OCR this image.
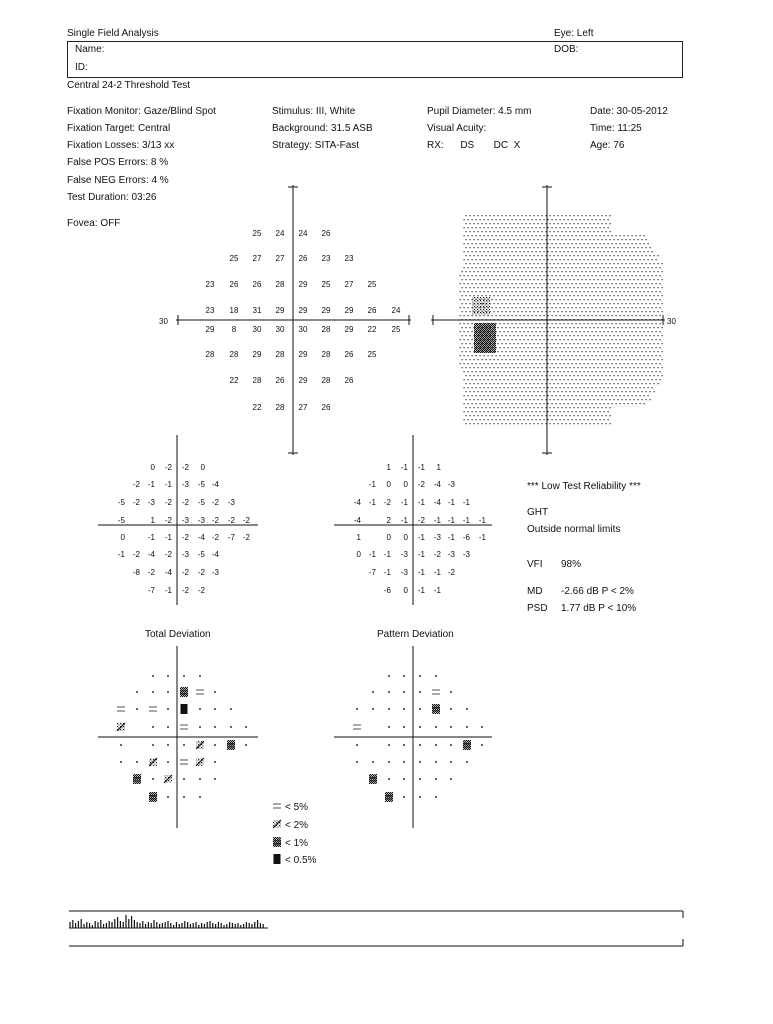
Single Field Analysis	Eye: Left
Name:	DOB:
ID:
Central 24-2 Threshold Test
Fixation Monitor: Gaze/Blind Spot
Fixation Target: Central
Fixation Losses: 3/13 xx
False POS Errors: 8 %
False NEG Errors: 4 %
Test Duration: 03:26
Fovea: OFF
Stimulus: III, White
Background: 31.5 ASB
Strategy: SITA-Fast
Pupil Diameter: 4.5 mm
Visual Acuity:
RX:      DS       DC  X
Date: 30-05-2012
Time: 11:25
Age: 76
30
25 24 24 26
25 27 27 26 23 23
23 26 26 28 29 25 27 25
23 18 31 29 29 29 29 26 24
29 8 30 30 30 28 29 22 25
28 28 29 28 29 28 26 25
22 28 26 29 28 26
22 28 27 26
30
0 -2 -2 0
-2 -1 -1 -3 -5 -4
-5 -2 -3 -2 -2 -5 -2 -3
-5	1 -2 -3 -3 -2 -2 -2
0	-1 -1 -2 -4 -2 -7 -2
-1 -2 -4 -2 -3 -5 -4
-8 -2 -4 -2 -2 -3
-7 -1 -2 -2
1 -1 -1 1
-1 0 0 -2 -4 -3
-4 -1 -2 -1 -1 -4 -1 -1
-4	2 -1 -2 -1 -1 -1 -1
1	0 0 -1 -3 -1 -6 -1
0 -1 -1 -3 -1 -2 -3 -3
-7 -1 -3 -1 -1 -2
-6 0 -1 -1
Total Deviation	Pattern Deviation
< 5%
< 2%
< 1%
< 0.5%
*** Low Test Reliability ***
GHT
Outside normal limits
VFI 98%
MD -2.66 dB P < 2%
PSD 1.77 dB P < 10%
